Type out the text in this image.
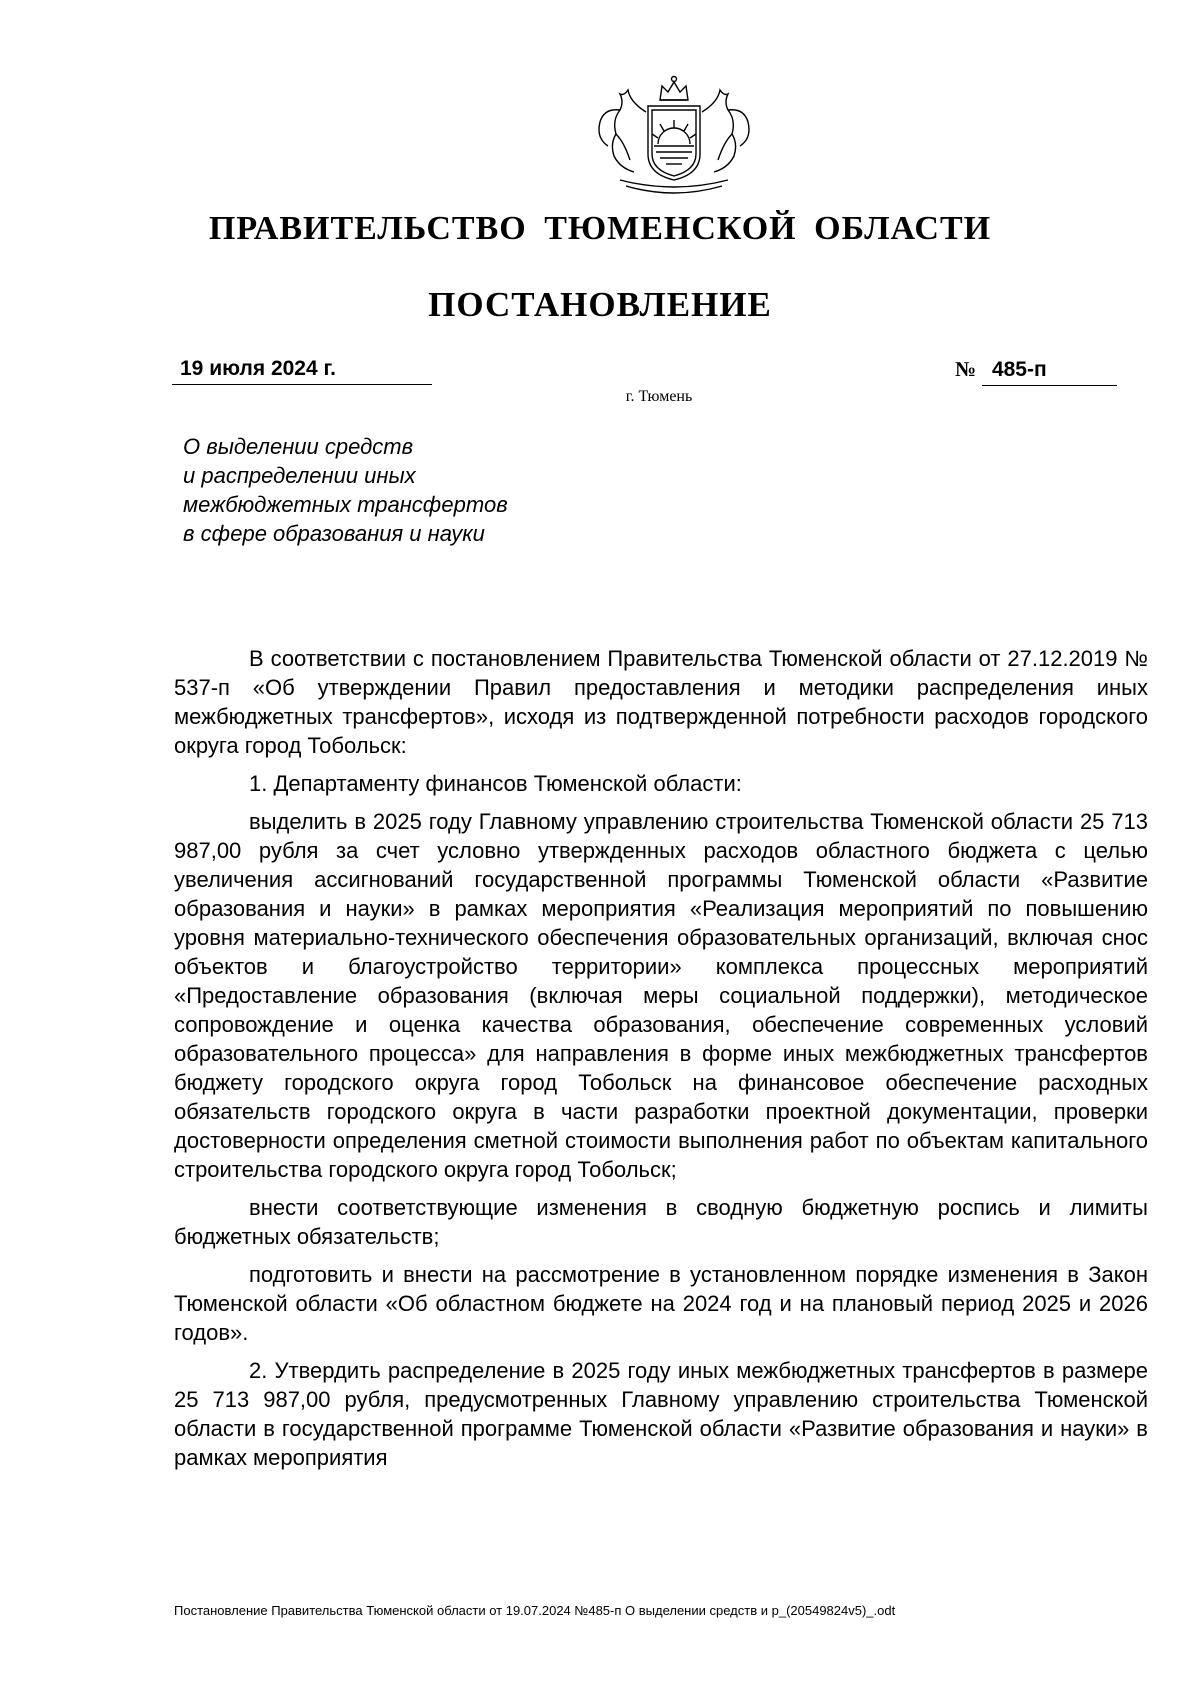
ПРАВИТЕЛЬСТВО ТЮМЕНСКОЙ ОБЛАСТИ
ПОСТАНОВЛЕНИЕ
19 июля 2024 г.	№ 485-п
г. Тюмень
О выделении средств
и распределении иных
межбюджетных трансфертов
в сфере образования и науки

В соответствии с постановлением Правительства Тюменской области от 27.12.2019 № 537-п «Об утверждении Правил предоставления и методики распределения иных межбюджетных трансфертов», исходя из подтвержденной потребности расходов городского округа город Тобольск:

1. Департаменту финансов Тюменской области:

выделить в 2025 году Главному управлению строительства Тюменской области 25 713 987,00 рубля за счет условно утвержденных расходов областного бюджета с целью увеличения ассигнований государственной программы Тюменской области «Развитие образования и науки» в рамках мероприятия «Реализация мероприятий по повышению уровня материально-технического обеспечения образовательных организаций, включая снос объектов и благоустройство территории» комплекса процессных мероприятий «Предоставление образования (включая меры социальной поддержки), методическое сопровождение и оценка качества образования, обеспечение современных условий образовательного процесса» для направления в форме иных межбюджетных трансфертов бюджету городского округа город Тобольск на финансовое обеспечение расходных обязательств городского округа в части разработки проектной документации, проверки достоверности определения сметной стоимости выполнения работ по объектам капитального строительства городского округа город Тобольск;

внести соответствующие изменения в сводную бюджетную роспись и лимиты бюджетных обязательств;

подготовить и внести на рассмотрение в установленном порядке изменения в Закон Тюменской области «Об областном бюджете на 2024 год и на плановый период 2025 и 2026 годов».

2. Утвердить распределение в 2025 году иных межбюджетных трансфертов в размере 25 713 987,00 рубля, предусмотренных Главному управлению строительства Тюменской области в государственной программе Тюменской области «Развитие образования и науки» в рамках мероприятия

Постановление Правительства Тюменской области от 19.07.2024 №485-п О выделении средств и р_(20549824v5)_.odt
